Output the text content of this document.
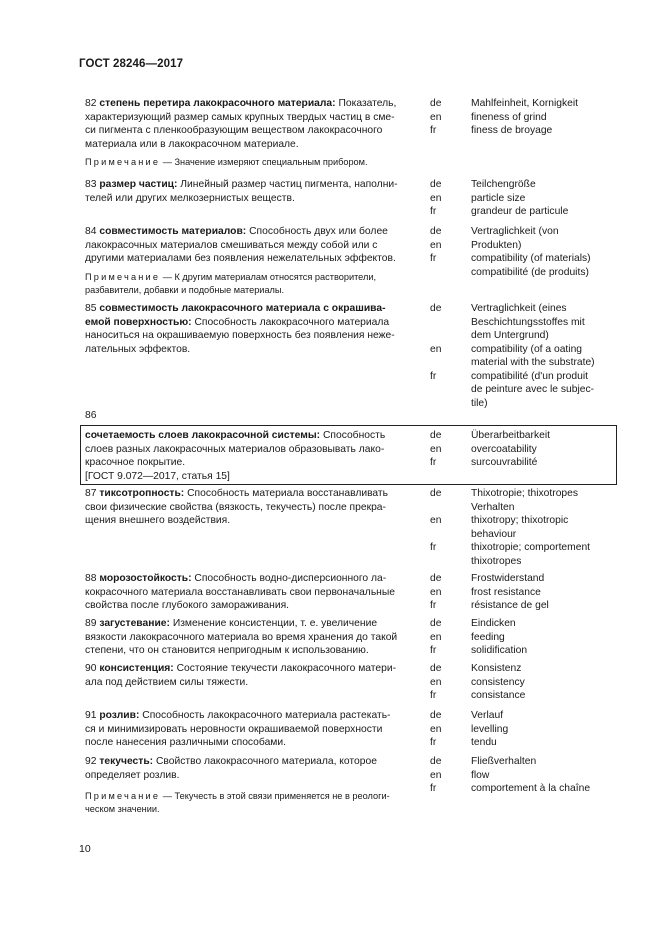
ГОСТ 28246—2017
82 степень перетира лакокрасочного материала: Показатель,
характеризующий размер самых крупных твердых частиц в сме-
си пигмента с пленкообразующим веществом лакокрасочного
материала или в лакокрасочном материале.
Примечание — Значение измеряют специальным прибором.
de
en
fr
Mahlfeinheit, Kornigkeit
fineness of grind
finess de broyage
83 размер частиц: Линейный размер частиц пигмента, наполни-
телей или других мелкозернистых веществ.
de
en
fr
Teilchengröße
particle size
grandeur de particule
84 совместимость материалов: Способность двух или более
лакокрасочных материалов смешиваться между собой или с
другими материалами без появления нежелательных эффектов.
Примечание — К другим материалам относятся растворители,
разбавители, добавки и подобные материалы.
de
en
fr
Vertraglichkeit (von
Produkten)
compatibility (of materials)
compatibilité (de produits)
85 совместимость лакокрасочного материала с окрашива-
емой поверхностью: Способность лакокрасочного материала
наноситься на окрашиваемую поверхность без появления неже-
лательных эффектов.
de

en

fr
Vertraglichkeit (eines
Beschichtungsstoffes mit
dem Untergrund)
compatibility (of a oating
material with the substrate)
compatibilité (d'un produit
de peinture avec le subjec-
tile)
86
сочетаемость слоев лакокрасочной системы: Способность
слоев разных лакокрасочных материалов образовывать лако-
красочное покрытие.
[ГОСТ 9.072—2017, статья 15]
de
en
fr
Überarbeitbarkeit
overcoatability
surcouvrabilité
87 тиксотропность: Способность материала восстанавливать
свои физические свойства (вязкость, текучесть) после прекра-
щения внешнего воздействия.
de

en

fr
Thixotropie; thixotropes
Verhalten
thixotropy; thixotropic
behaviour
thixotropie; comportement
thixotropes
88 морозостойкость: Способность водно-дисперсионного ла-
кокрасочного материала восстанавливать свои первоначальные
свойства после глубокого замораживания.
de
en
fr
Frostwiderstand
frost resistance
résistance de gel
89 загустевание: Изменение консистенции, т. е. увеличение
вязкости лакокрасочного материала во время хранения до такой
степени, что он становится непригодным к использованию.
de
en
fr
Eindicken
feeding
solidification
90 консистенция: Состояние текучести лакокрасочного матери-
ала под действием силы тяжести.
de
en
fr
Konsistenz
consistency
consistance
91 розлив: Способность лакокрасочного материала растекать-
ся и минимизировать неровности окрашиваемой поверхности
после нанесения различными способами.
de
en
fr
Verlauf
levelling
tendu
92 текучесть: Свойство лакокрасочного материала, которое
определяет розлив.
Примечание — Текучесть в этой связи применяется не в реологи-
ческом значении.
de
en
fr
Fließverhalten
flow
comportement à la chaîne
10
